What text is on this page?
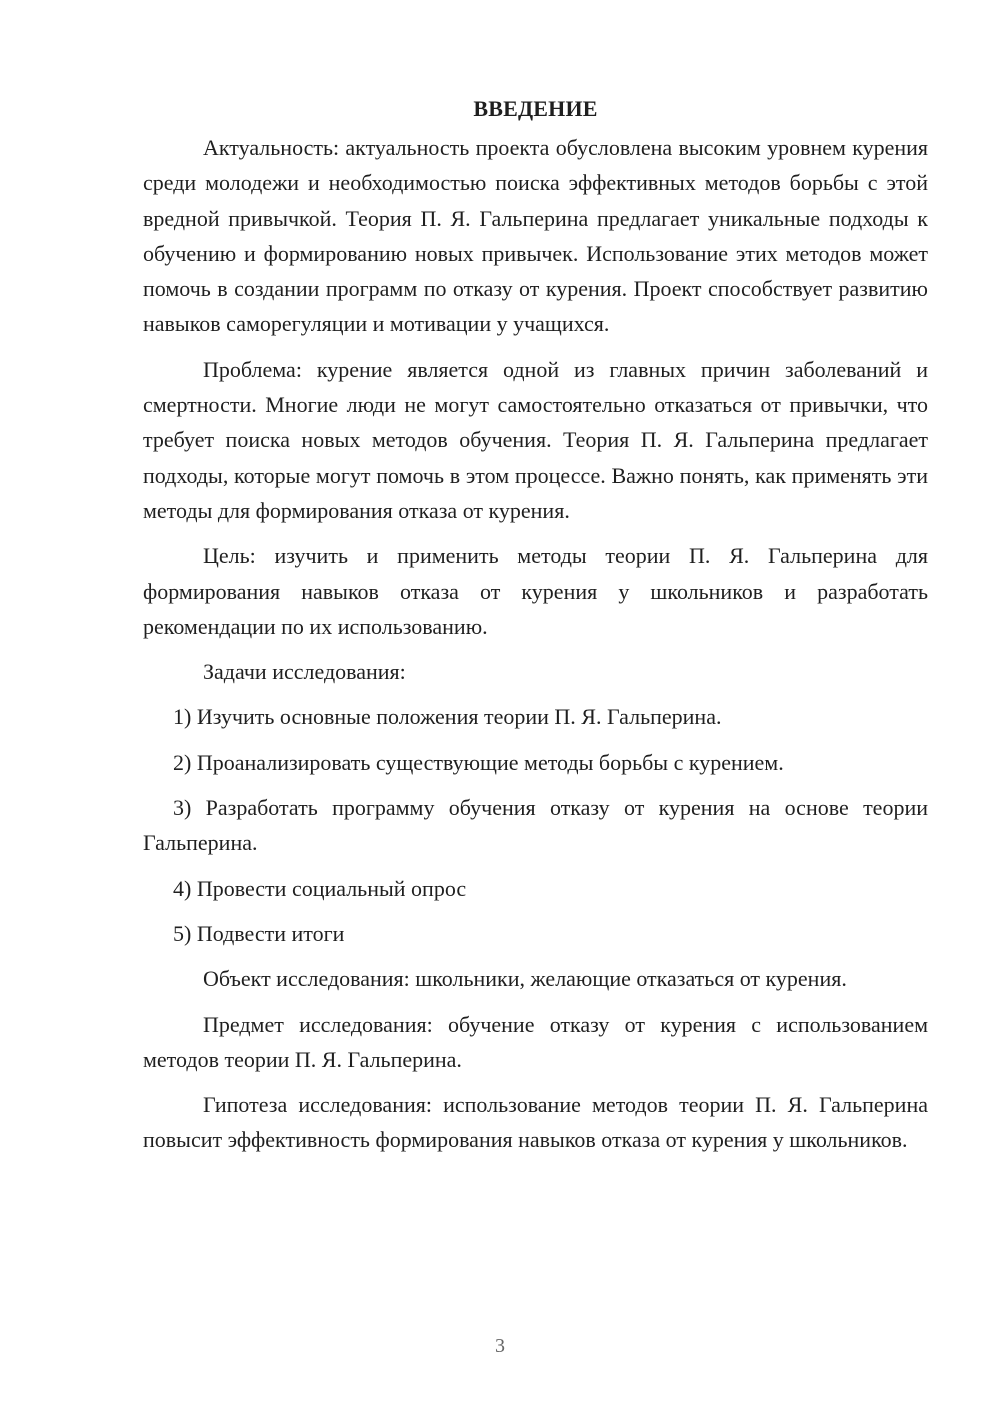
ВВЕДЕНИЕ

Актуальность: актуальность проекта обусловлена высоким уровнем курения среди молодежи и необходимостью поиска эффективных методов борьбы с этой вредной привычкой. Теория П. Я. Гальперина предлагает уникальные подходы к обучению и формированию новых привычек. Использование этих методов может помочь в создании программ по отказу от курения. Проект способствует развитию навыков саморегуляции и мотивации у учащихся.

Проблема: курение является одной из главных причин заболеваний и смертности. Многие люди не могут самостоятельно отказаться от привычки, что требует поиска новых методов обучения. Теория П. Я. Гальперина предлагает подходы, которые могут помочь в этом процессе. Важно понять, как применять эти методы для формирования отказа от курения.

Цель: изучить и применить методы теории П. Я. Гальперина для формирования навыков отказа от курения у школьников и разработать рекомендации по их использованию.

Задачи исследования:

1) Изучить основные положения теории П. Я. Гальперина.

2) Проанализировать существующие методы борьбы с курением.

3) Разработать программу обучения отказу от курения на основе теории Гальперина.

4) Провести социальный опрос

5) Подвести итоги

Объект исследования: школьники, желающие отказаться от курения.

Предмет исследования: обучение отказу от курения с использованием методов теории П. Я. Гальперина.

Гипотеза исследования: использование методов теории П. Я. Гальперина повысит эффективность формирования навыков отказа от курения у школьников.

3
